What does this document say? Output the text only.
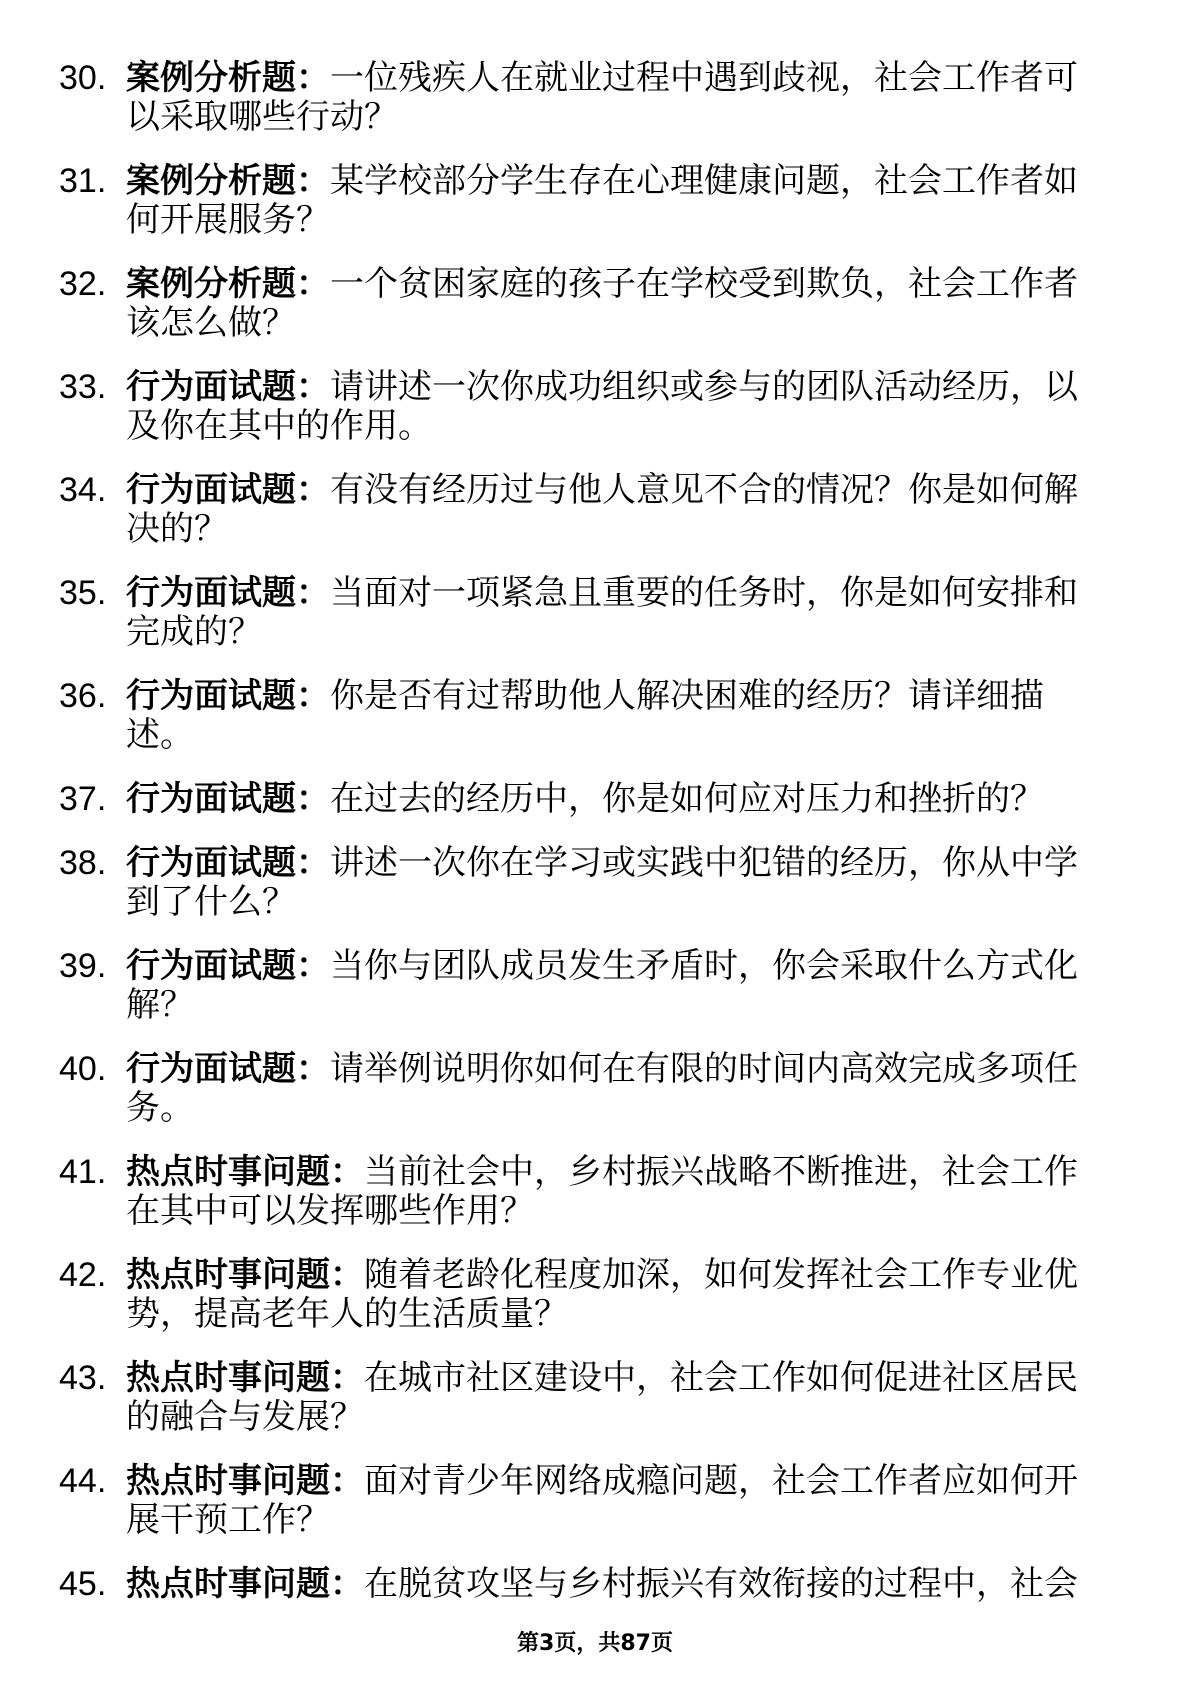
30. 案例分析题：一位残疾人在就业过程中遇到歧视，社会工作者可以采取哪些行动？
31. 案例分析题：某学校部分学生存在心理健康问题，社会工作者如何开展服务？
32. 案例分析题：一个贫困家庭的孩子在学校受到欺负，社会工作者该怎么做？
33. 行为面试题：请讲述一次你成功组织或参与的团队活动经历，以及你在其中的作用。
34. 行为面试题：有没有经历过与他人意见不合的情况？你是如何解决的？
35. 行为面试题：当面对一项紧急且重要的任务时，你是如何安排和完成的？
36. 行为面试题：你是否有过帮助他人解决困难的经历？请详细描述。
37. 行为面试题：在过去的经历中，你是如何应对压力和挫折的？
38. 行为面试题：讲述一次你在学习或实践中犯错的经历，你从中学到了什么？
39. 行为面试题：当你与团队成员发生矛盾时，你会采取什么方式化解？
40. 行为面试题：请举例说明你如何在有限的时间内高效完成多项任务。
41. 热点时事问题：当前社会中，乡村振兴战略不断推进，社会工作在其中可以发挥哪些作用？
42. 热点时事问题：随着老龄化程度加深，如何发挥社会工作专业优势，提高老年人的生活质量？
43. 热点时事问题：在城市社区建设中，社会工作如何促进社区居民的融合与发展？
44. 热点时事问题：面对青少年网络成瘾问题，社会工作者应如何开展干预工作？
45. 热点时事问题：在脱贫攻坚与乡村振兴有效衔接的过程中，社会
第3页，共87页
